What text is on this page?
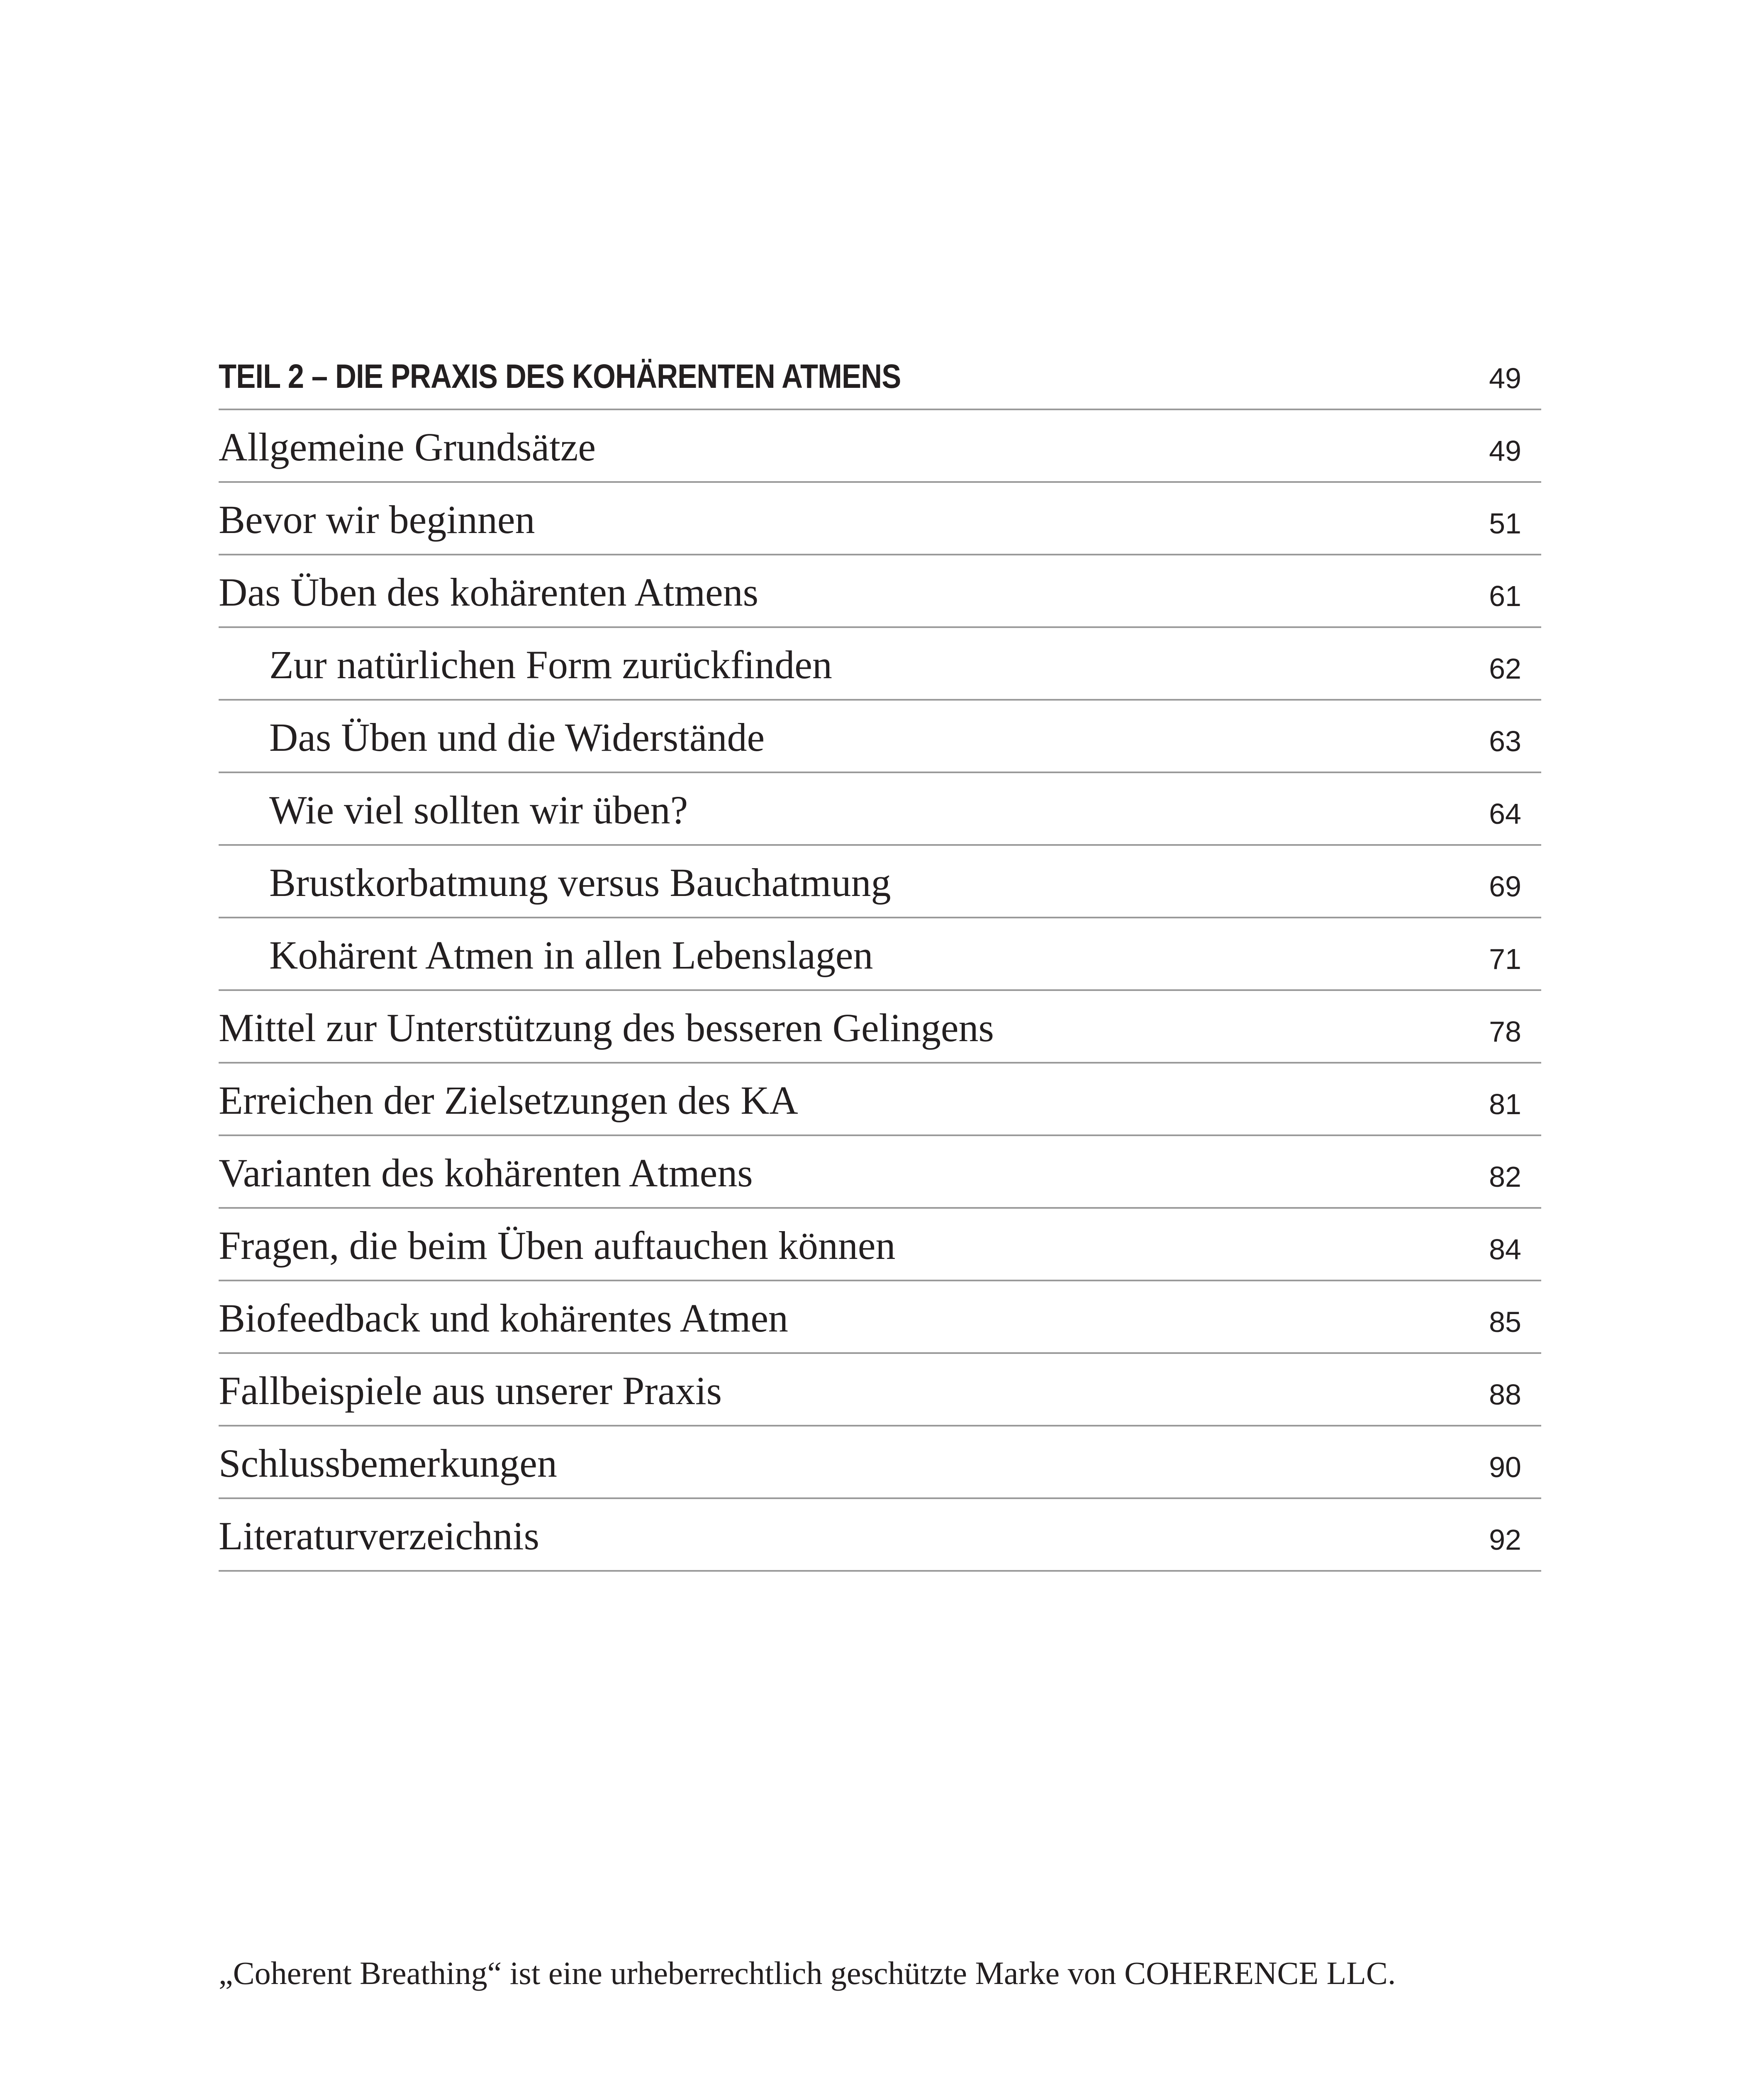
TEIL 2 – DIE PRAXIS DES KOHÄRENTEN ATMENS	49
Allgemeine Grundsätze	49
Bevor wir beginnen	51
Das Üben des kohärenten Atmens	61
Zur natürlichen Form zurückfinden	62
Das Üben und die Widerstände	63
Wie viel sollten wir üben?	64
Brustkorbatmung versus Bauchatmung	69
Kohärent Atmen in allen Lebenslagen	71
Mittel zur Unterstützung des besseren Gelingens	78
Erreichen der Zielsetzungen des KA	81
Varianten des kohärenten Atmens	82
Fragen, die beim Üben auftauchen können	84
Biofeedback und kohärentes Atmen	85
Fallbeispiele aus unserer Praxis	88
Schlussbemerkungen	90
Literaturverzeichnis	92
„Coherent Breathing“ ist eine urheberrechtlich geschützte Marke von COHERENCE LLC.
